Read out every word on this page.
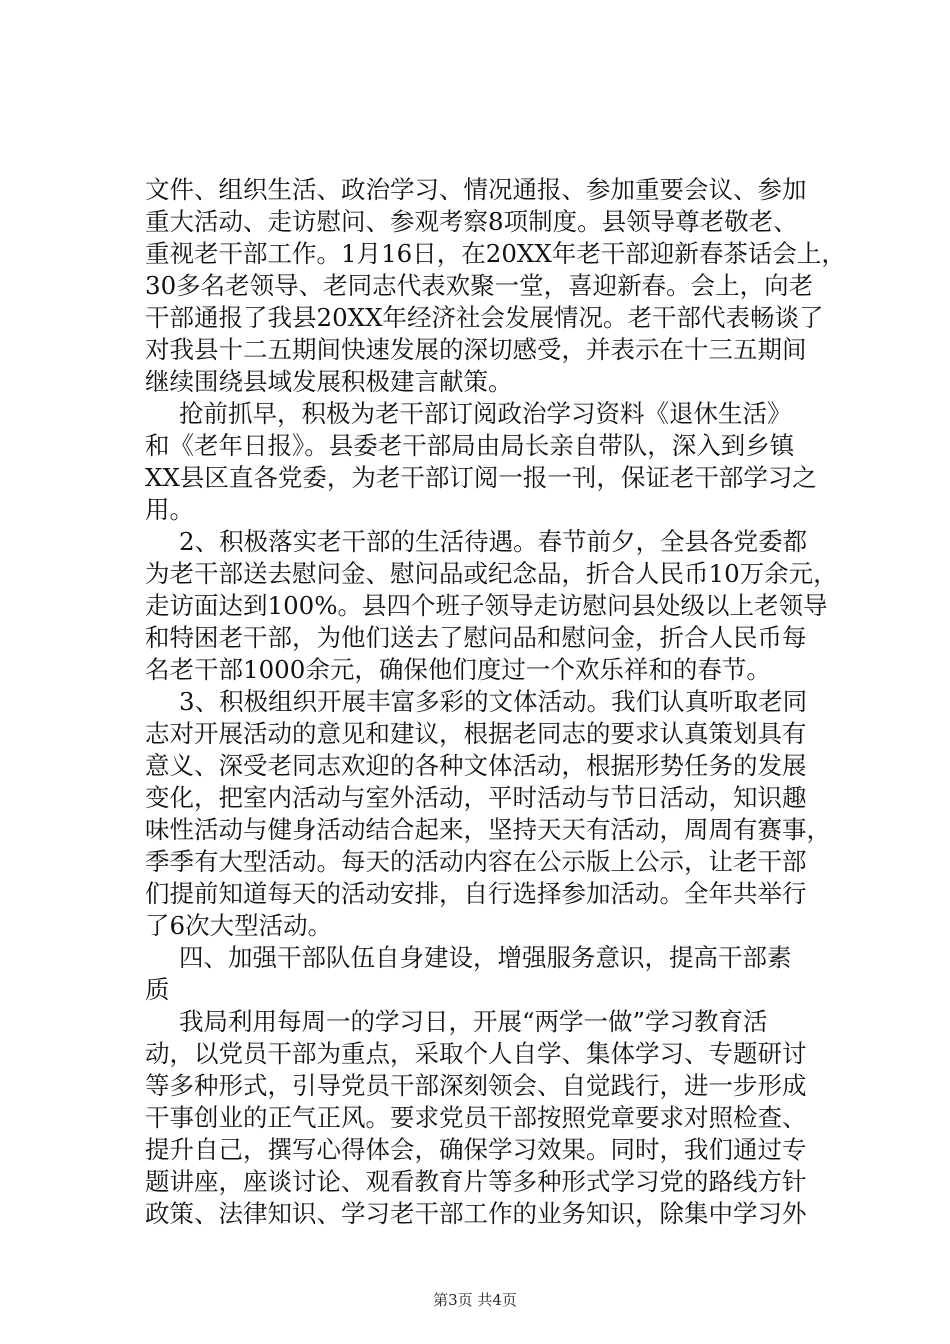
文件、组织生活、政治学习、情况通报、参加重要会议、参加
重大活动、走访慰问、参观考察8项制度。县领导尊老敬老、
重视老干部工作。1月16日，在20XX年老干部迎新春茶话会上，
30多名老领导、老同志代表欢聚一堂，喜迎新春。会上，向老
干部通报了我县20XX年经济社会发展情况。老干部代表畅谈了
对我县十二五期间快速发展的深切感受，并表示在十三五期间
继续围绕县域发展积极建言献策。
抢前抓早，积极为老干部订阅政治学习资料《退休生活》
和《老年日报》。县委老干部局由局长亲自带队，深入到乡镇
XX县区直各党委，为老干部订阅一报一刊，保证老干部学习之
用。
2、积极落实老干部的生活待遇。春节前夕，全县各党委都
为老干部送去慰问金、慰问品或纪念品，折合人民币10万余元，
走访面达到100%。县四个班子领导走访慰问县处级以上老领导
和特困老干部，为他们送去了慰问品和慰问金，折合人民币每
名老干部1000余元，确保他们度过一个欢乐祥和的春节。
3、积极组织开展丰富多彩的文体活动。我们认真听取老同
志对开展活动的意见和建议，根据老同志的要求认真策划具有
意义、深受老同志欢迎的各种文体活动，根据形势任务的发展
变化，把室内活动与室外活动，平时活动与节日活动，知识趣
味性活动与健身活动结合起来，坚持天天有活动，周周有赛事，
季季有大型活动。每天的活动内容在公示版上公示，让老干部
们提前知道每天的活动安排，自行选择参加活动。全年共举行
了6次大型活动。
四、加强干部队伍自身建设，增强服务意识，提高干部素
质
我局利用每周一的学习日，开展“两学一做”学习教育活
动，以党员干部为重点，采取个人自学、集体学习、专题研讨
等多种形式，引导党员干部深刻领会、自觉践行，进一步形成
干事创业的正气正风。要求党员干部按照党章要求对照检查、
提升自己，撰写心得体会，确保学习效果。同时，我们通过专
题讲座，座谈讨论、观看教育片等多种形式学习党的路线方针
政策、法律知识、学习老干部工作的业务知识，除集中学习外
第3页 共4页
